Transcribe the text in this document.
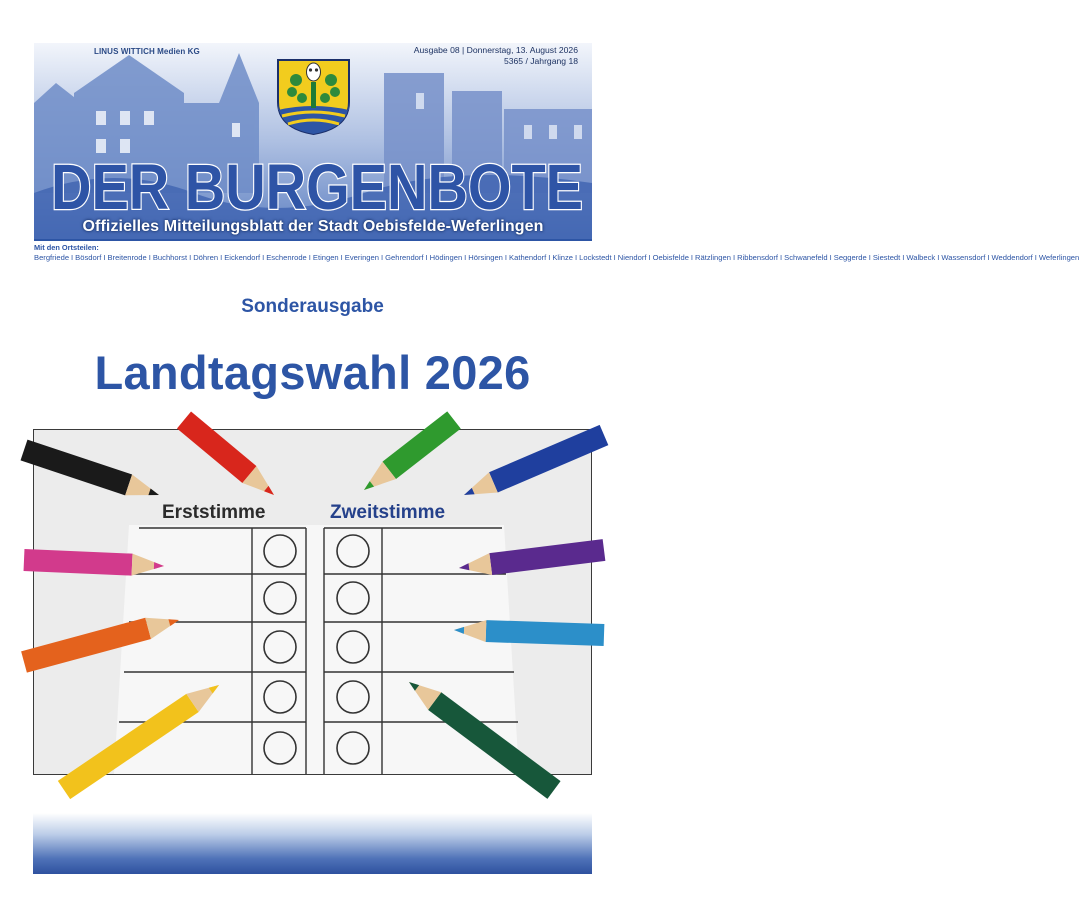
LINUS WITTICH Medien KG	Ausgabe 08 | Donnerstag, 13. August 2026
5365 / Jahrgang 18
DER BURGENBOTE
Offizielles Mitteilungsblatt der Stadt Oebisfelde-Weferlingen
Mit den Ortsteilen:
Bergfriede I Bösdorf I Breitenrode I Buchhorst I Döhren I Eickendorf I Eschenrode I Etingen I Everingen I Gehrendorf I Hödingen I Hörsingen I Kathendorf I Klinze I Lockstedt I Niendorf I Oebisfelde I Rätzlingen I Ribbensdorf I Schwanefeld I Seggerde I Siestedt I Walbeck I Wassensdorf I Weddendorf I Weferlingen
Sonderausgabe
Landtagswahl 2026
Erststimme	Zweitstimme
